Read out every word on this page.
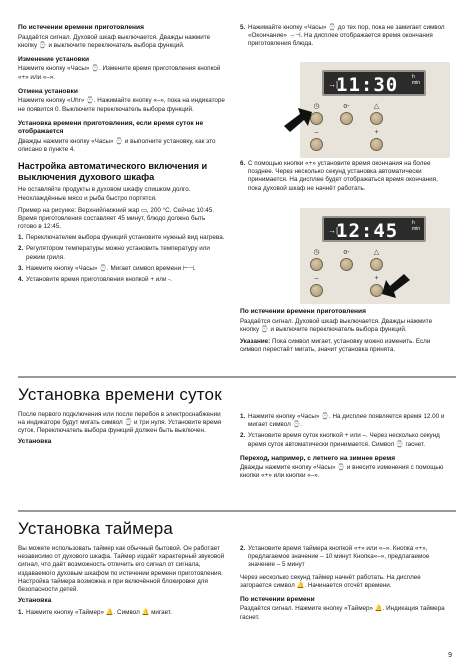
По истечении времени приготовления

Раздаётся сигнал. Духовой шкаф выключается. Дважды нажмите кнопку ⌚ и выключите переключатель выбора функций.

Изменение установки

Нажмите кнопку «Часы» ⌚. Измените время приготовления кнопкой «+» или «–».

Отмена установки

Нажмите кнопку «Uhr» ⌚. Нажимайте кнопку «–», пока на индикаторе не появится 0. Выключите переключатель выбора функций.

Установка времени приготовления, если время суток не отображается

Дважды нажмите кнопку «Часы» ⌚ и выполните установку, как это описано в пункте 4.

Настройка автоматического включения и выключения духового шкафа

Не оставляйте продукты в духовом шкафу слишком долго. Неохлаждённые мясо и рыба быстро портятся.

Пример на рисунке: Верхний/нижний жар ▭, 200 °C. Сейчас 10:45. Время приготовления составляет 45 минут, блюдо должно быть готово в 12:45.

1. Переключателем выбора функций установите нужный вид нагрева.
2. Регулятором температуры можно установить температуру или режим гриля.
3. Нажмите кнопку «Часы» ⌚. Мигает символ времени ⊢⊣.
4. Установите время приготовления кнопкой + или -.
5. Нажимайте кнопку «Часы» ⌚ до тех пор, пока не замигает символ «Окончание» →⊣. На дисплее отображается время окончания приготовления блюда.
→|
11:30	h
min
◷	o-	△
–	+
6. С помощью кнопки «+» установите время окончания на более позднее. Через несколько секунд установка автоматически принимается. На дисплее будет отображаться время окончания, пока духовой шкаф не начнёт работать.
→|
12:45	h
min
◷	o-	△
–	+
По истечении времени приготовления

Раздаётся сигнал. Духовой шкаф выключается. Дважды нажмите кнопку ⌚ и выключите переключатель выбора функций.

Указание: Пока символ мигает, установку можно изменить. Если символ перестаёт мигать, значит установка принята.

Установка времени суток

После первого подключения или после перебоя в электроснабжении на индикаторе будут мигать символ ⌚ и три нуля. Установите время суток. Переключатель выбора функций должен быть выключен.

Установка
1. Нажмите кнопку «Часы» ⌚. На дисплее появляется время 12.00 и мигает символ ⌚.
2. Установите время суток кнопкой + или –. Через несколько секунд время суток автоматически принимается. Символ ⌚ гаснет.
Переход, например, с летнего на зимнее время

Дважды нажмите кнопку «Часы» ⌚ и внесите изменения с помощью кнопки «+» или кнопки «–».

Установка таймера

Вы можете использовать таймер как обычный бытовой. Он работает независимо от духового шкафа. Таймер издаёт характерный звуковой сигнал, что даёт возможность отличить его сигнал от сигнала, издаваемого духовым шкафом по истечении времени приготовления. Настройка таймера возможна и при включённой блокировке для безопасности детей.

Установка
1. Нажмите кнопку «Таймер» 🔔. Символ 🔔 мигает.
2. Установите время таймера кнопкой «+» или «–». Кнопка «+», предлагаемое значение – 10 минут Кнопка«–», предлагаемое значение – 5 минут

Через несколько секунд таймер начнёт работать. На дисплее загорается символ 🔔. Начинается отсчёт времени.

По истечении времени

Раздаётся сигнал. Нажмите кнопку «Таймер» 🔔. Индикация таймера гаснет.

9
